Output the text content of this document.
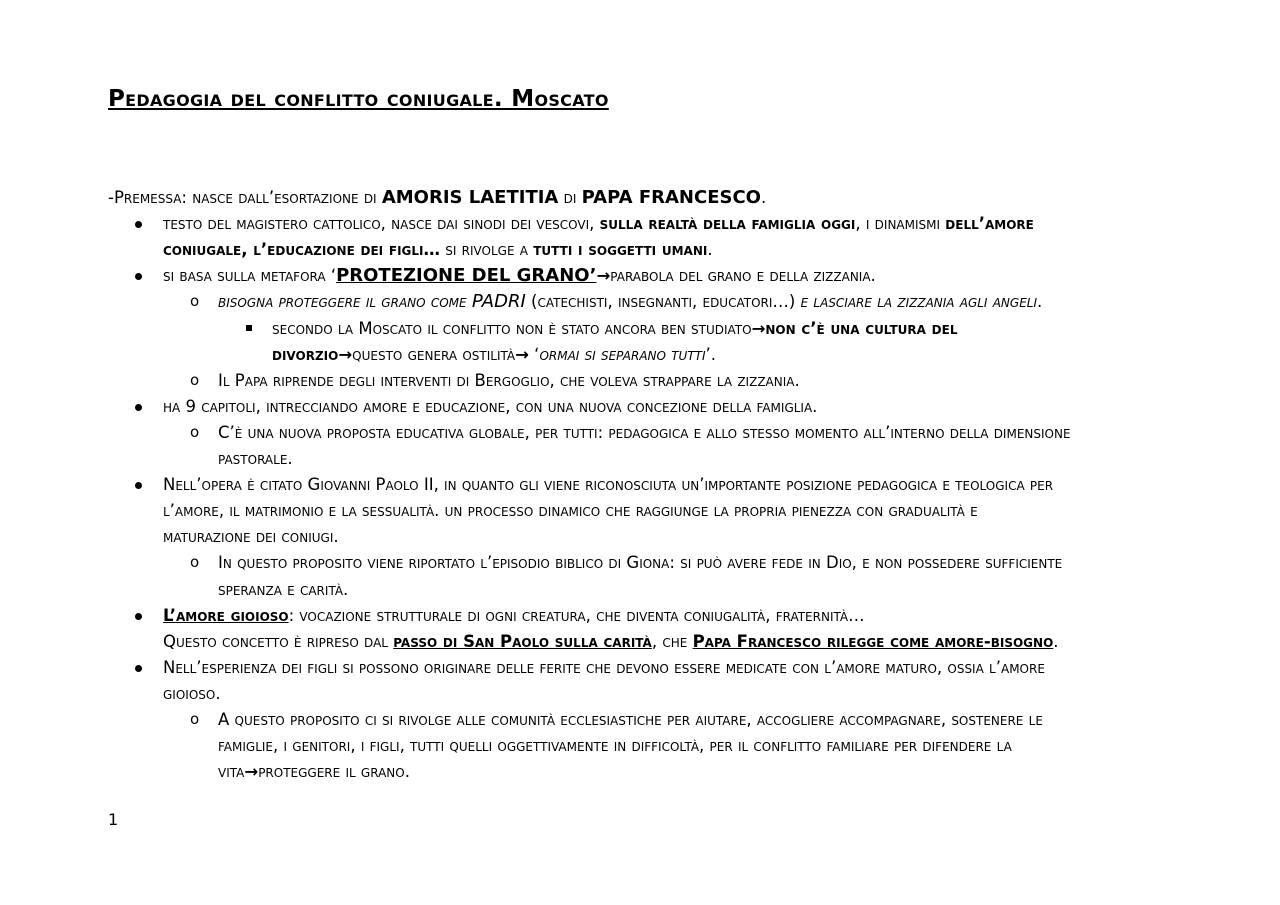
Pedagogia del conflitto coniugale. Moscato
-Premessa: nasce dall’esortazione di AMORIS LAETITIA di PAPA FRANCESCO.
testo del magistero cattolico, nasce dai sinodi dei vescovi, sulla realtà della famiglia oggi, i dinamismi dell’amore
coniugale, l’educazione dei figli… si rivolge a tutti i soggetti umani.
si basa sulla metafora ‘PROTEZIONE DEL GRANO’→parabola del grano e della zizzania.
o bisogna proteggere il grano come PADRI (catechisti, insegnanti, educatori…) e lasciare la zizzania agli angeli.
secondo la Moscato il conflitto non è stato ancora ben studiato→non c’è una cultura del
divorzio→questo genera ostilità→ ‘ormai si separano tutti’.
o Il Papa riprende degli interventi di Bergoglio, che voleva strappare la zizzania.
ha 9 capitoli, intrecciando amore e educazione, con una nuova concezione della famiglia.
o C’è una nuova proposta educativa globale, per tutti: pedagogica e allo stesso momento all’interno della dimensione
pastorale.
Nell’opera è citato Giovanni Paolo II, in quanto gli viene riconosciuta un’importante posizione pedagogica e teologica per
l’amore, il matrimonio e la sessualità. un processo dinamico che raggiunge la propria pienezza con gradualità e
maturazione dei coniugi.
o In questo proposito viene riportato l’episodio biblico di Giona: si può avere fede in Dio, e non possedere sufficiente
speranza e carità.
L’amore gioioso: vocazione strutturale di ogni creatura, che diventa coniugalità, fraternità…
Questo concetto è ripreso dal passo di San Paolo sulla carità, che Papa Francesco rilegge come amore-bisogno.
Nell’esperienza dei figli si possono originare delle ferite che devono essere medicate con l’amore maturo, ossia l’amore
gioioso.
o A questo proposito ci si rivolge alle comunità ecclesiastiche per aiutare, accogliere accompagnare, sostenere le
famiglie, i genitori, i figli, tutti quelli oggettivamente in difficoltà, per il conflitto familiare per difendere la
vita→proteggere il grano.
1
